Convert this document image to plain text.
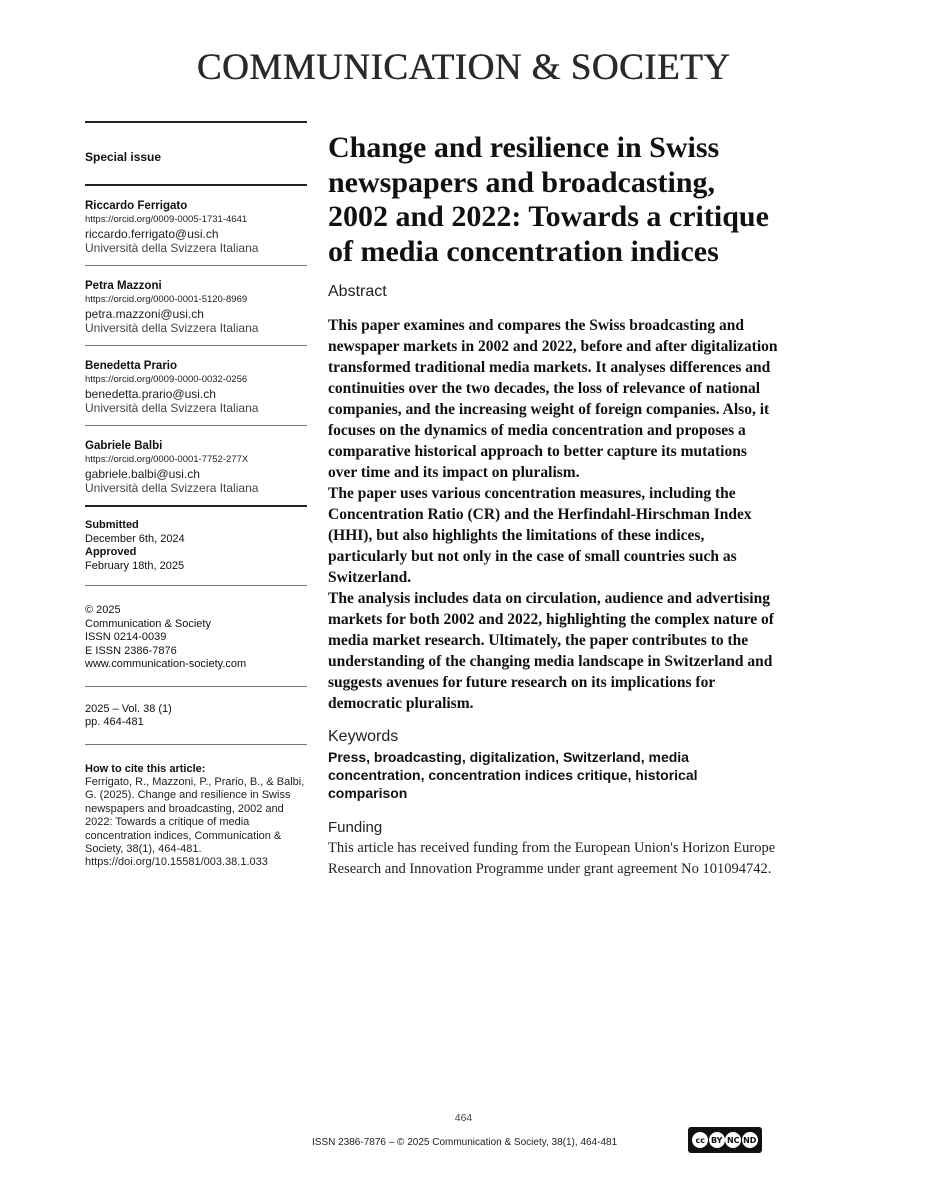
COMMUNICATION & SOCIETY
Special issue
Riccardo Ferrigato
https://orcid.org/0009-0005-1731-4641
riccardo.ferrigato@usi.ch
Università della Svizzera Italiana
Petra Mazzoni
https://orcid.org/0000-0001-5120-8969
petra.mazzoni@usi.ch
Università della Svizzera Italiana
Benedetta Prario
https://orcid.org/0009-0000-0032-0256
benedetta.prario@usi.ch
Università della Svizzera Italiana
Gabriele Balbi
https://orcid.org/0000-0001-7752-277X
gabriele.balbi@usi.ch
Università della Svizzera Italiana
Submitted
December 6th, 2024
Approved
February 18th, 2025
© 2025
Communication & Society
ISSN 0214-0039
E ISSN 2386-7876
www.communication-society.com
2025 – Vol. 38 (1)
pp. 464-481
How to cite this article:
Ferrigato, R., Mazzoni, P., Prario, B., & Balbi, G. (2025). Change and resilience in Swiss newspapers and broadcasting, 2002 and 2022: Towards a critique of media concentration indices, Communication & Society, 38(1), 464-481. https://doi.org/10.15581/003.38.1.033
Change and resilience in Swiss newspapers and broadcasting, 2002 and 2022: Towards a critique of media concentration indices
Abstract

This paper examines and compares the Swiss broadcasting and newspaper markets in 2002 and 2022, before and after digitalization transformed traditional media markets. It analyses differences and continuities over the two decades, the loss of relevance of national companies, and the increasing weight of foreign companies. Also, it focuses on the dynamics of media concentration and proposes a comparative historical approach to better capture its mutations over time and its impact on pluralism.

The paper uses various concentration measures, including the Concentration Ratio (CR) and the Herfindahl-Hirschman Index (HHI), but also highlights the limitations of these indices, particularly but not only in the case of small countries such as Switzerland.

The analysis includes data on circulation, audience and advertising markets for both 2002 and 2022, highlighting the complex nature of media market research. Ultimately, the paper contributes to the understanding of the changing media landscape in Switzerland and suggests avenues for future research on its implications for democratic pluralism.

Keywords
Press, broadcasting, digitalization, Switzerland, media concentration, concentration indices critique, historical comparison
Funding
This article has received funding from the European Union's Horizon Europe Research and Innovation Programme under grant agreement No 101094742.
464
ISSN 2386-7876 – © 2025 Communication & Society, 38(1), 464-481	cc BY NC ND
